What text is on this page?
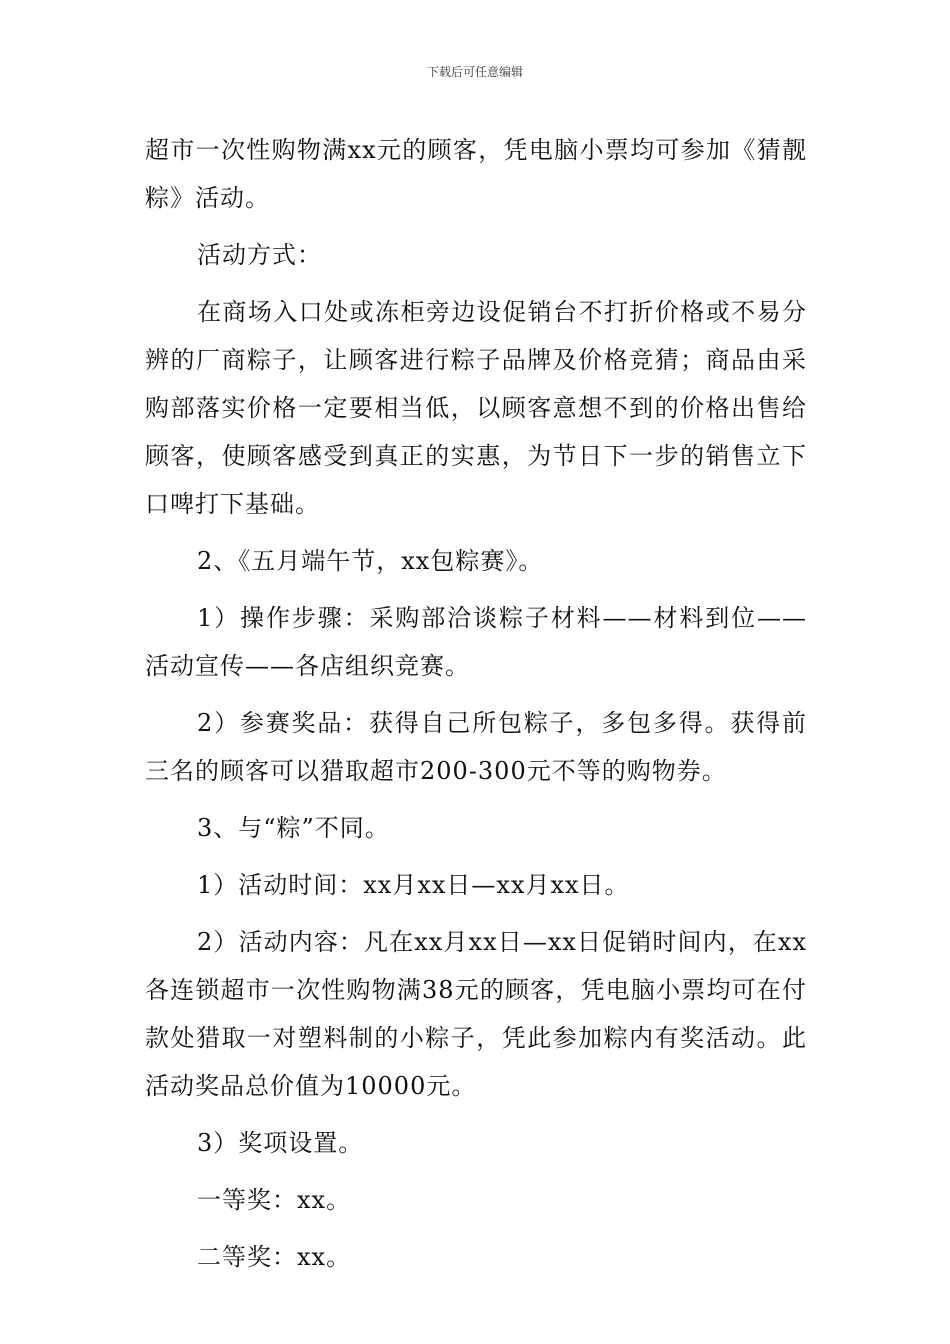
下载后可任意编辑

超市一次性购物满xx元的顾客，凭电脑小票均可参加《猜靓粽》活动。

活动方式：

在商场入口处或冻柜旁边设促销台不打折价格或不易分辨的厂商粽子，让顾客进行粽子品牌及价格竞猜；商品由采购部落实价格一定要相当低，以顾客意想不到的价格出售给顾客，使顾客感受到真正的实惠，为节日下一步的销售立下口啤打下基础。

2、《五月端午节，xx包粽赛》。

1）操作步骤：采购部洽谈粽子材料——材料到位——活动宣传——各店组织竞赛。

2）参赛奖品：获得自己所包粽子，多包多得。获得前三名的顾客可以猎取超市200-300元不等的购物券。

3、与“粽”不同。

1）活动时间：xx月xx日—xx月xx日。

2）活动内容：凡在xx月xx日—xx日促销时间内，在xx各连锁超市一次性购物满38元的顾客，凭电脑小票均可在付款处猎取一对塑料制的小粽子，凭此参加粽内有奖活动。此活动奖品总价值为10000元。

3）奖项设置。

一等奖：xx。

二等奖：xx。
